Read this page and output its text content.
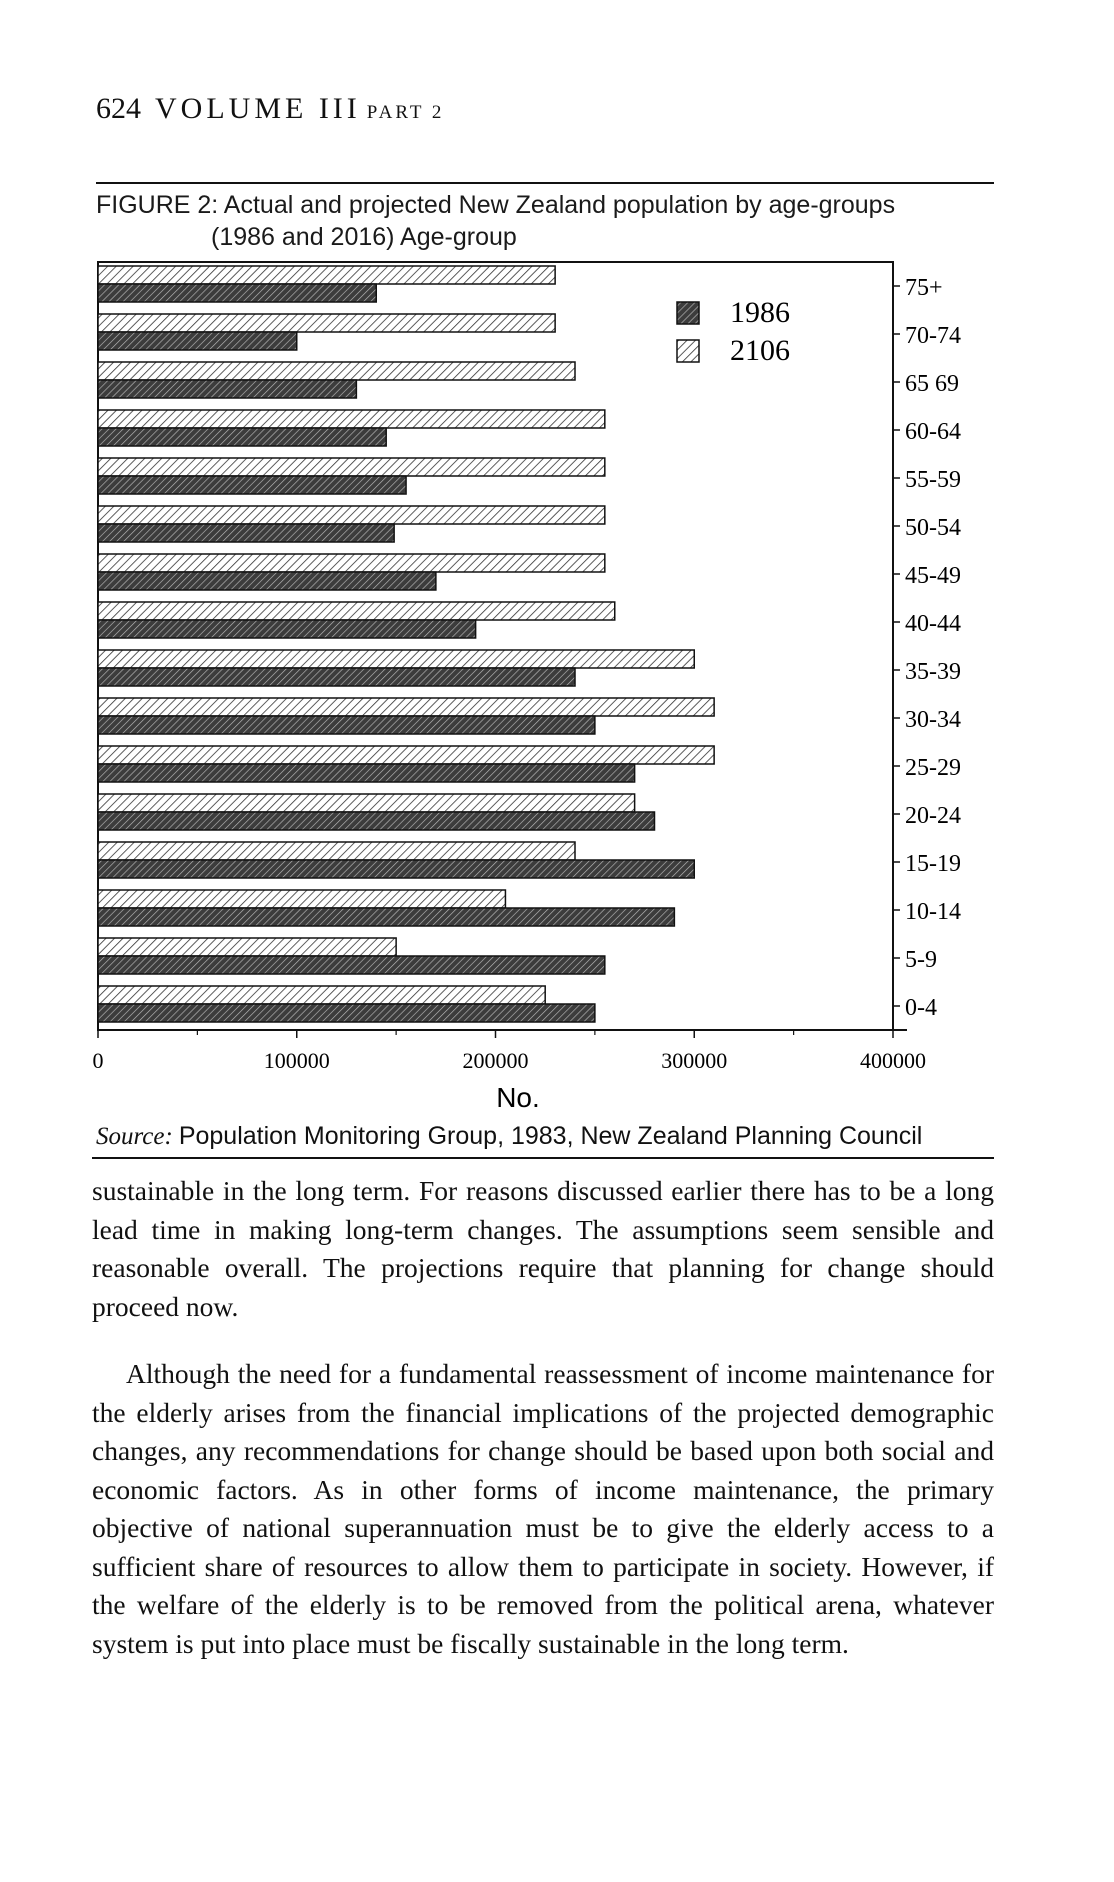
624 VOLUME III PART 2
FIGURE 2: Actual and projected New Zealand population by age-groups
(1986 and 2016) Age-group
75+
70-74
65 69
60-64
55-59
50-54
45-49
40-44
35-39
30-34
25-29
20-24
15-19
10-14
5-9
0-4
0	100000	200000	300000	400000
No.
1986
2106
Source: Population Monitoring Group, 1983, New Zealand Planning Council

sustainable in the long term. For reasons discussed earlier there has to be a long lead time in making long-term changes. The assumptions seem sensible and reasonable overall. The projections require that planning for change should proceed now.

Although the need for a fundamental reassessment of income maintenance for the elderly arises from the financial implications of the projected demographic changes, any recommendations for change should be based upon both social and economic factors. As in other forms of income maintenance, the primary objective of national superannuation must be to give the elderly access to a sufficient share of resources to allow them to participate in society. However, if the welfare of the elderly is to be removed from the political arena, whatever system is put into place must be fiscally sustainable in the long term.
